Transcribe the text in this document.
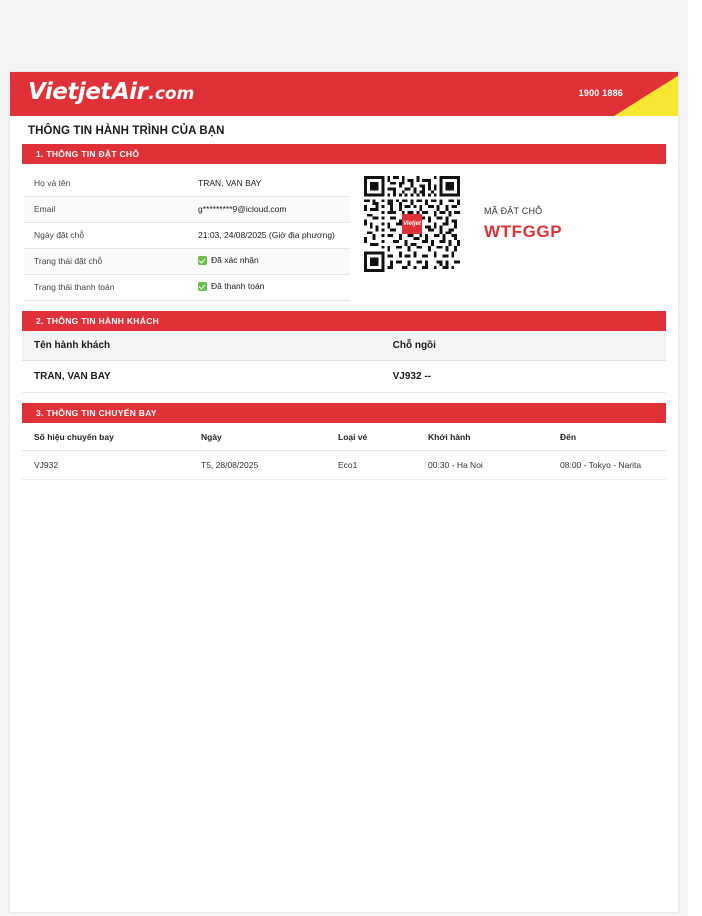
Vietjet Air .com	1900 1886
THÔNG TIN HÀNH TRÌNH CỦA BẠN
1. THÔNG TIN ĐẶT CHỖ
Họ và tên	TRAN, VAN BAY
Email	g*********9@icloud.com
Ngày đặt chỗ	21:03, 24/08/2025 (Giờ địa phương)
Trạng thái đặt chỗ	Đã xác nhận

Trạng thái thanh toán	Đã thanh toán
Vietjet
MÃ ĐẶT CHỖ
WTFGGP
2. THÔNG TIN HÀNH KHÁCH
Tên hành khách	Chỗ ngồi
TRAN, VAN BAY	VJ932 --
3. THÔNG TIN CHUYẾN BAY
Số hiệu chuyến bay	Ngày	Loại vé	Khởi hành	Đến
VJ932	T5, 28/08/2025	Eco1	00:30 - Ha Noi	08:00 - Tokyo - Narita
